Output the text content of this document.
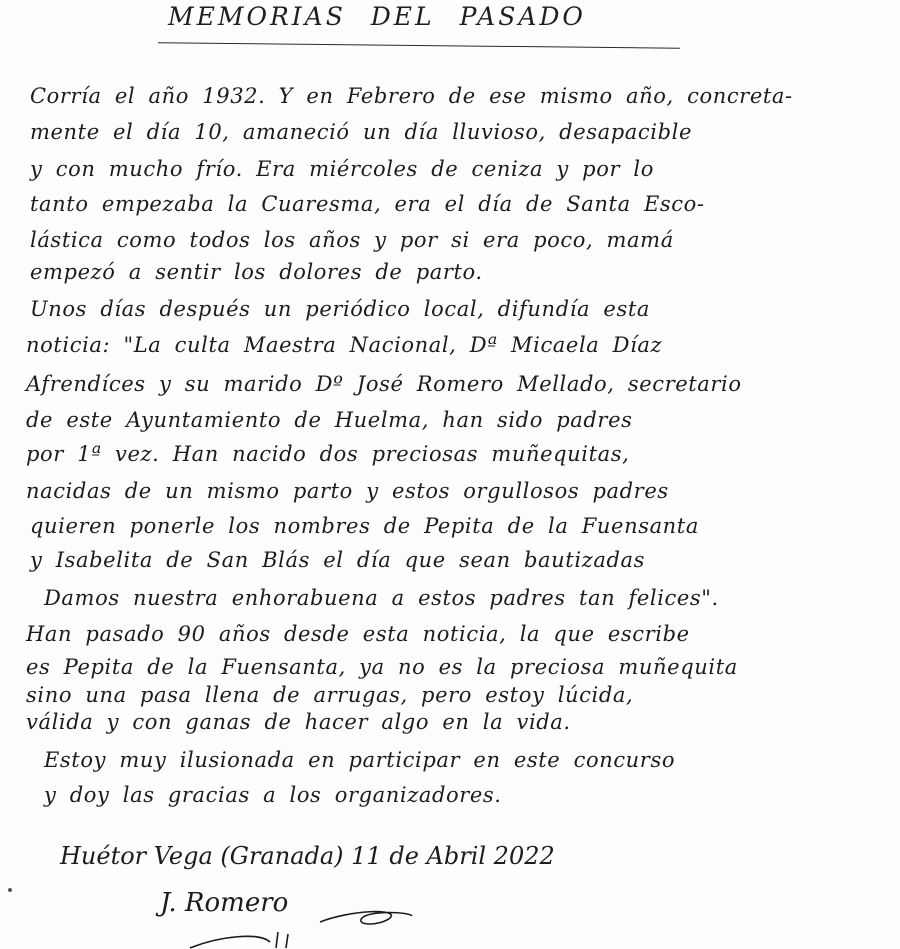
MEMORIAS DEL PASADO
Corría el año 1932. Y en Febrero de ese mismo año, concreta-
mente el día 10, amaneció un día lluvioso, desapacible
y con mucho frío. Era miércoles de ceniza y por lo
tanto empezaba la Cuaresma, era el día de Santa Esco-
lástica como todos los años y por si era poco, mamá
empezó a sentir los dolores de parto.
Unos días después un periódico local, difundía esta
noticia: "La culta Maestra Nacional, Dª Micaela Díaz
Afrendíces y su marido Dº José Romero Mellado, secretario
de este Ayuntamiento de Huelma, han sido padres
por 1ª vez. Han nacido dos preciosas muñequitas,
nacidas de un mismo parto y estos orgullosos padres
quieren ponerle los nombres de Pepita de la Fuensanta
y Isabelita de San Blás el día que sean bautizadas
Damos nuestra enhorabuena a estos padres tan felices".
Han pasado 90 años desde esta noticia, la que escribe
es Pepita de la Fuensanta, ya no es la preciosa muñequita
sino una pasa llena de arrugas, pero estoy lúcida,
válida y con ganas de hacer algo en la vida.
Estoy muy ilusionada en participar en este concurso
y doy las gracias a los organizadores.
Huétor Vega (Granada) 11 de Abril 2022
J. Romero
